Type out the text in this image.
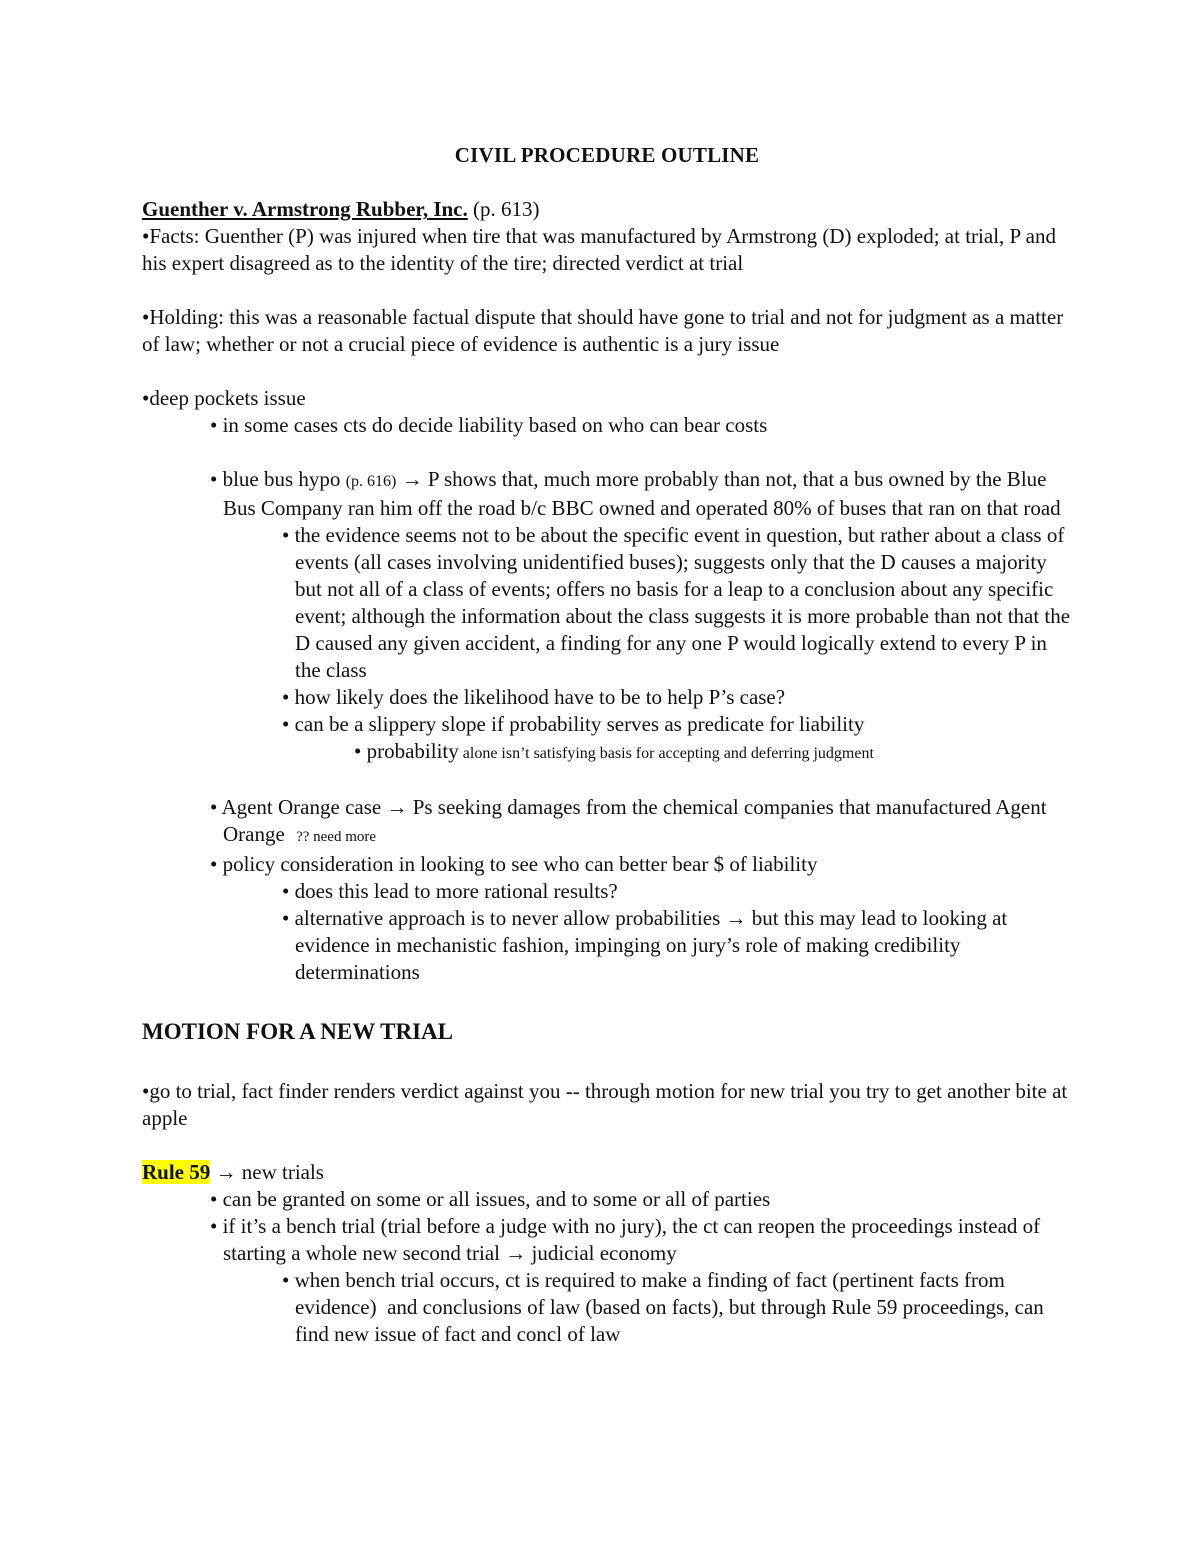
CIVIL PROCEDURE OUTLINE
Guenther v. Armstrong Rubber, Inc. (p. 613)
•Facts: Guenther (P) was injured when tire that was manufactured by Armstrong (D) exploded; at trial, P and his expert disagreed as to the identity of the tire; directed verdict at trial
•Holding: this was a reasonable factual dispute that should have gone to trial and not for judgment as a matter of law; whether or not a crucial piece of evidence is authentic is a jury issue
•deep pockets issue
• in some cases cts do decide liability based on who can bear costs
• blue bus hypo (p. 616) → P shows that, much more probably than not, that a bus owned by the Blue Bus Company ran him off the road b/c BBC owned and operated 80% of buses that ran on that road
• the evidence seems not to be about the specific event in question, but rather about a class of events (all cases involving unidentified buses); suggests only that the D causes a majority but not all of a class of events; offers no basis for a leap to a conclusion about any specific event; although the information about the class suggests it is more probable than not that the D caused any given accident, a finding for any one P would logically extend to every P in the class
• how likely does the likelihood have to be to help P’s case?
• can be a slippery slope if probability serves as predicate for liability
• probability alone isn’t satisfying basis for accepting and deferring judgment
• Agent Orange case → Ps seeking damages from the chemical companies that manufactured Agent Orange   ?? need more
• policy consideration in looking to see who can better bear $ of liability
• does this lead to more rational results?
• alternative approach is to never allow probabilities → but this may lead to looking at evidence in mechanistic fashion, impinging on jury’s role of making credibility determinations
MOTION FOR A NEW TRIAL
•go to trial, fact finder renders verdict against you -- through motion for new trial you try to get another bite at apple
Rule 59 → new trials
• can be granted on some or all issues, and to some or all of parties
• if it’s a bench trial (trial before a judge with no jury), the ct can reopen the proceedings instead of starting a whole new second trial → judicial economy
• when bench trial occurs, ct is required to make a finding of fact (pertinent facts from evidence)  and conclusions of law (based on facts), but through Rule 59 proceedings, can find new issue of fact and concl of law
